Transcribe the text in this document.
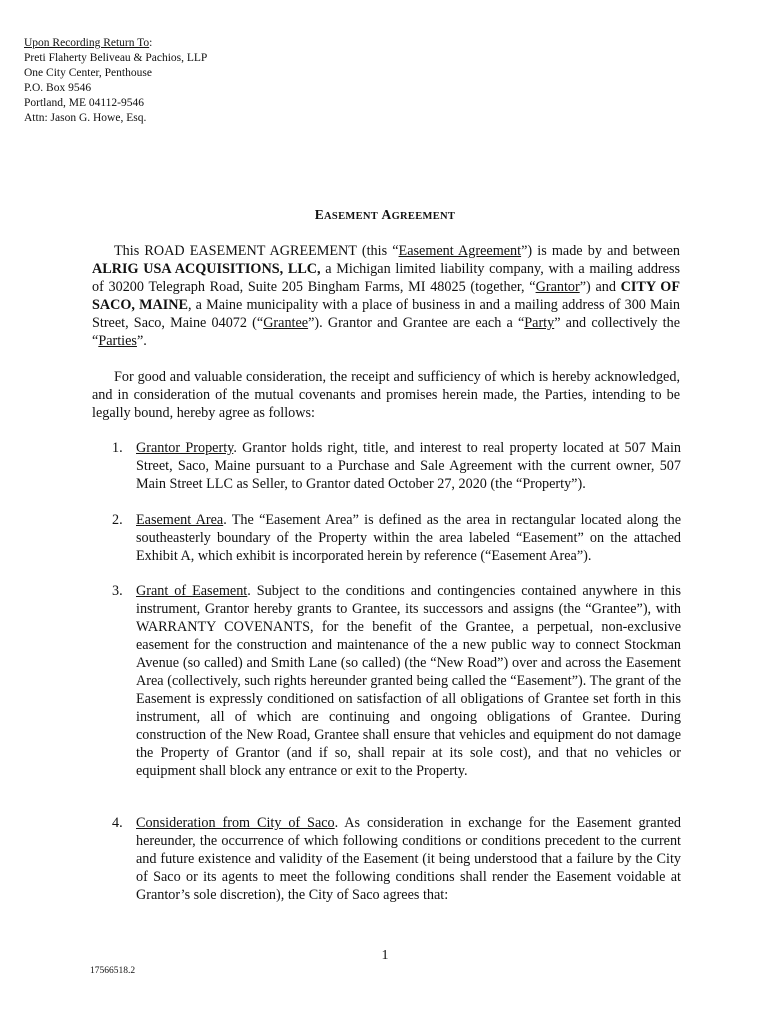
Upon Recording Return To:
Preti Flaherty Beliveau & Pachios, LLP
One City Center, Penthouse
P.O. Box 9546
Portland, ME 04112-9546
Attn: Jason G. Howe, Esq.
EASEMENT AGREEMENT
This ROAD EASEMENT AGREEMENT (this “Easement Agreement”) is made by and between ALRIG USA ACQUISITIONS, LLC, a Michigan limited liability company, with a mailing address of 30200 Telegraph Road, Suite 205 Bingham Farms, MI 48025 (together, “Grantor”) and CITY OF SACO, MAINE, a Maine municipality with a place of business in and a mailing address of 300 Main Street, Saco, Maine 04072 (“Grantee”). Grantor and Grantee are each a “Party” and collectively the “Parties”.
For good and valuable consideration, the receipt and sufficiency of which is hereby acknowledged, and in consideration of the mutual covenants and promises herein made, the Parties, intending to be legally bound, hereby agree as follows:
1. Grantor Property. Grantor holds right, title, and interest to real property located at 507 Main Street, Saco, Maine pursuant to a Purchase and Sale Agreement with the current owner, 507 Main Street LLC as Seller, to Grantor dated October 27, 2020 (the “Property”).
2. Easement Area. The “Easement Area” is defined as the area in rectangular located along the southeasterly boundary of the Property within the area labeled “Easement” on the attached Exhibit A, which exhibit is incorporated herein by reference (“Easement Area”).
3. Grant of Easement. Subject to the conditions and contingencies contained anywhere in this instrument, Grantor hereby grants to Grantee, its successors and assigns (the “Grantee”), with WARRANTY COVENANTS, for the benefit of the Grantee, a perpetual, non-exclusive easement for the construction and maintenance of the a new public way to connect Stockman Avenue (so called) and Smith Lane (so called) (the “New Road”) over and across the Easement Area (collectively, such rights hereunder granted being called the “Easement”). The grant of the Easement is expressly conditioned on satisfaction of all obligations of Grantee set forth in this instrument, all of which are continuing and ongoing obligations of Grantee. During construction of the New Road, Grantee shall ensure that vehicles and equipment do not damage the Property of Grantor (and if so, shall repair at its sole cost), and that no vehicles or equipment shall block any entrance or exit to the Property.
4. Consideration from City of Saco. As consideration in exchange for the Easement granted hereunder, the occurrence of which following conditions or conditions precedent to the current and future existence and validity of the Easement (it being understood that a failure by the City of Saco or its agents to meet the following conditions shall render the Easement voidable at Grantor’s sole discretion), the City of Saco agrees that:
1
17566518.2
